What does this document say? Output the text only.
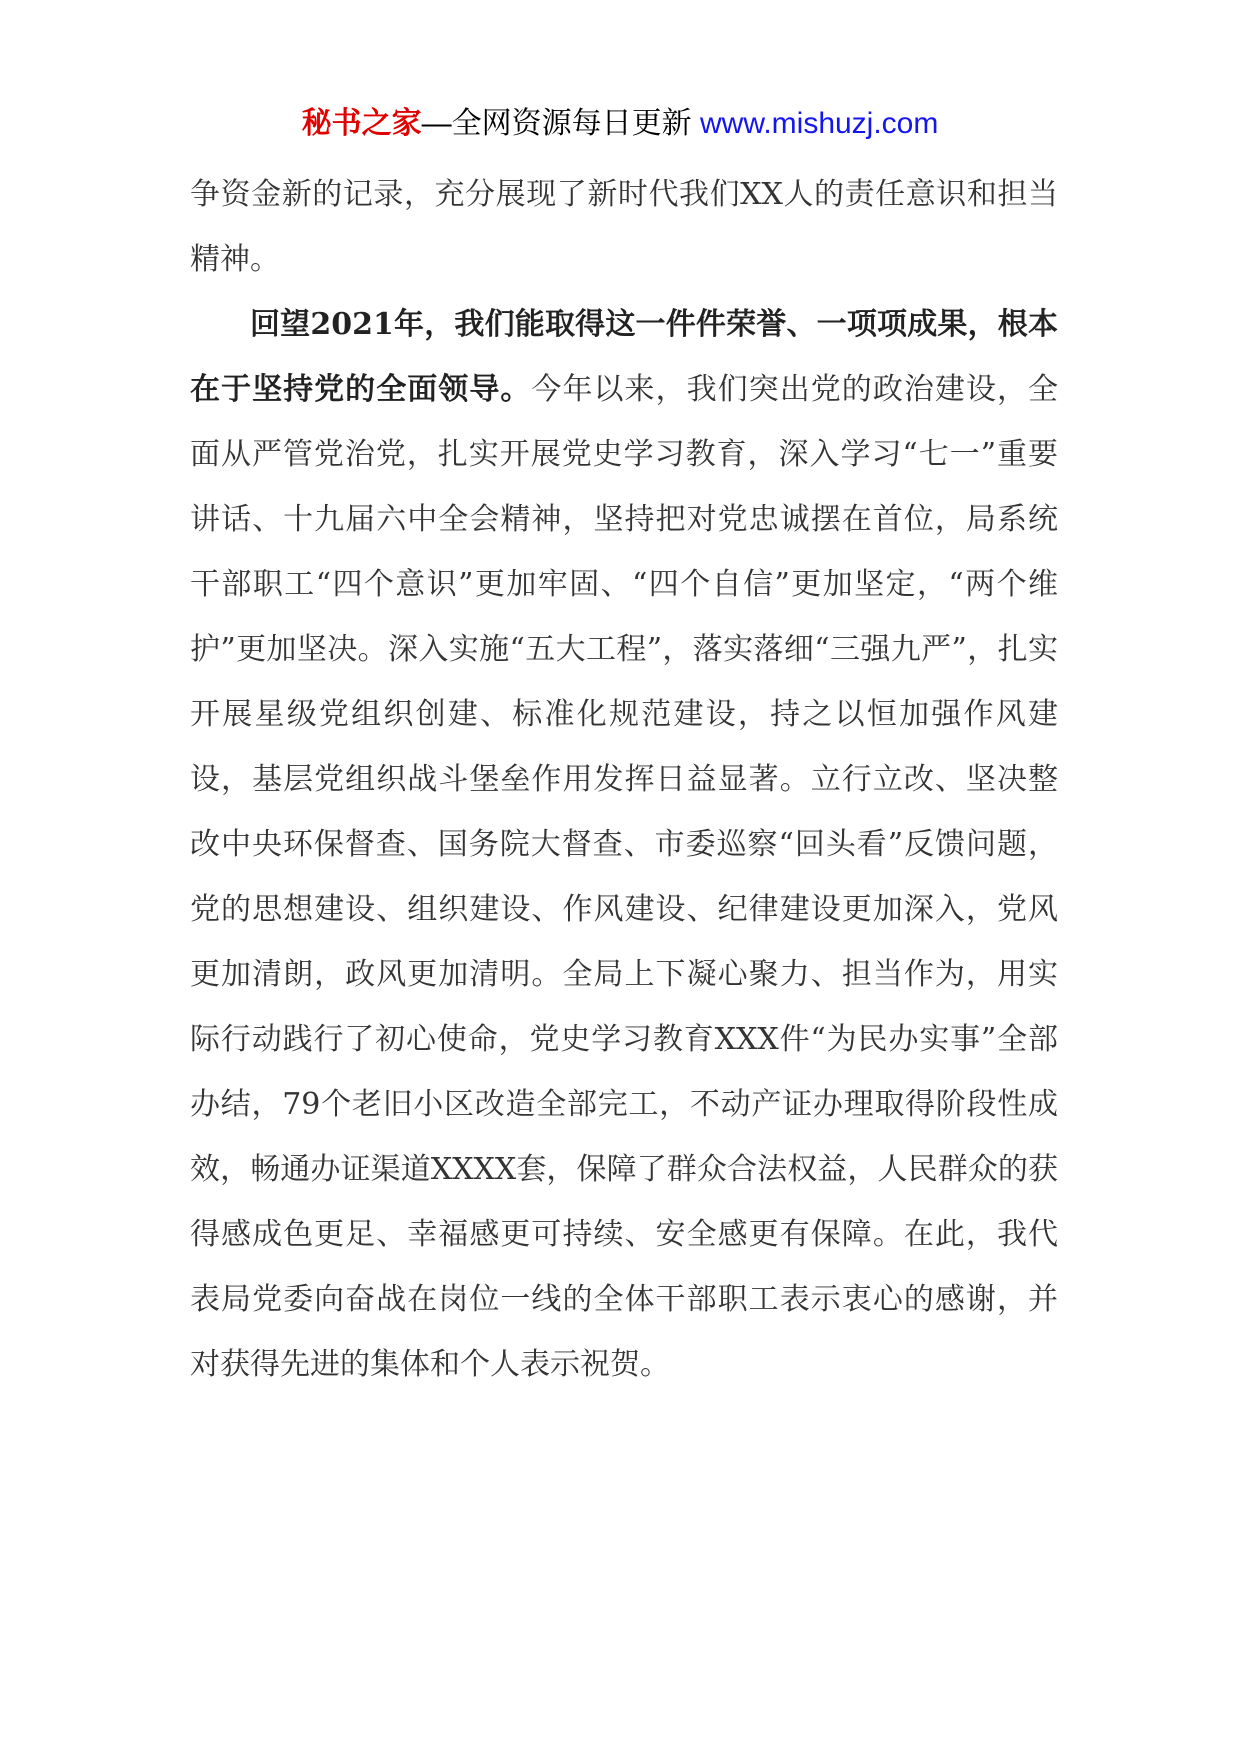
秘书之家—全网资源每日更新 www.mishuzj.com

争资金新的记录，充分展现了新时代我们XX人的责任意识和担当精神。

回望2021年，我们能取得这一件件荣誉、一项项成果，根本在于坚持党的全面领导。今年以来，我们突出党的政治建设，全面从严管党治党，扎实开展党史学习教育，深入学习“七一”重要讲话、十九届六中全会精神，坚持把对党忠诚摆在首位，局系统干部职工“四个意识”更加牢固、“四个自信”更加坚定，“两个维护”更加坚决。深入实施“五大工程”，落实落细“三强九严”，扎实开展星级党组织创建、标准化规范建设，持之以恒加强作风建设，基层党组织战斗堡垒作用发挥日益显著。立行立改、坚决整改中央环保督查、国务院大督查、市委巡察“回头看”反馈问题，党的思想建设、组织建设、作风建设、纪律建设更加深入，党风更加清朗，政风更加清明。全局上下凝心聚力、担当作为，用实际行动践行了初心使命，党史学习教育XXX件“为民办实事”全部办结，79个老旧小区改造全部完工，不动产证办理取得阶段性成效，畅通办证渠道XXXX套，保障了群众合法权益，人民群众的获得感成色更足、幸福感更可持续、安全感更有保障。在此，我代表局党委向奋战在岗位一线的全体干部职工表示衷心的感谢，并对获得先进的集体和个人表示祝贺。
